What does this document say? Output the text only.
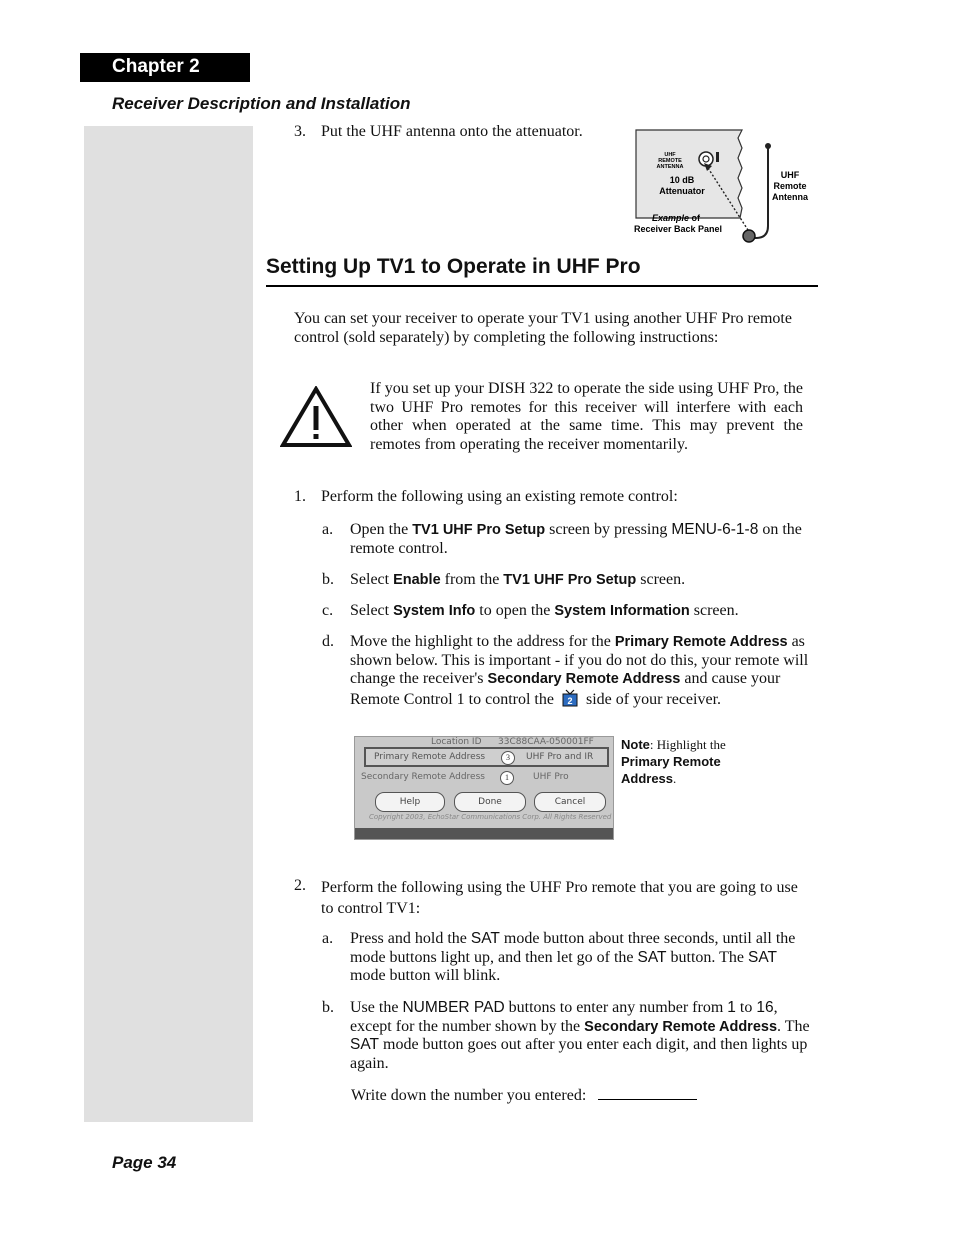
Chapter 2
Receiver Description and Installation
3. Put the UHF antenna onto the attenuator.
UHF
REMOTE
ANTENNA
10 dB
Attenuator
Example of
Receiver Back Panel
UHF
Remote
Antenna
Setting Up TV1 to Operate in UHF Pro
You can set your receiver to operate your TV1 using another UHF Pro remote control (sold separately) by completing the following instructions:
If you set up your DISH 322 to operate the side using UHF Pro, the two UHF Pro remotes for this receiver will interfere with each other when operated at the same time. This may prevent the remotes from operating the receiver momentarily.
1. Perform the following using an existing remote control:
a. Open the TV1 UHF Pro Setup screen by pressing MENU-6-1-8 on the remote control.
b. Select Enable from the TV1 UHF Pro Setup screen.
c. Select System Info to open the System Information screen.
d. Move the highlight to the address for the Primary Remote Address as shown below. This is important - if you do not do this, your remote will change the receiver's Secondary Remote Address and cause your Remote Control 1 to control the 2 side of your receiver.
Location ID 33C88CAA-050001FF
Primary Remote Address	3	UHF Pro and IR
Secondary Remote Address	1	UHF Pro
Help	Done	Cancel
Copyright 2003, EchoStar Communications Corp. All Rights Reserved
Note: Highlight the
Primary Remote Address.
2. Perform the following using the UHF Pro remote that you are going to use to control TV1:
a. Press and hold the SAT mode button about three seconds, until all the mode buttons light up, and then let go of the SAT button. The SAT mode button will blink.
b. Use the NUMBER PAD buttons to enter any number from 1 to 16, except for the number shown by the Secondary Remote Address. The SAT mode button goes out after you enter each digit, and then lights up again.
Write down the number you entered:
Page 34
